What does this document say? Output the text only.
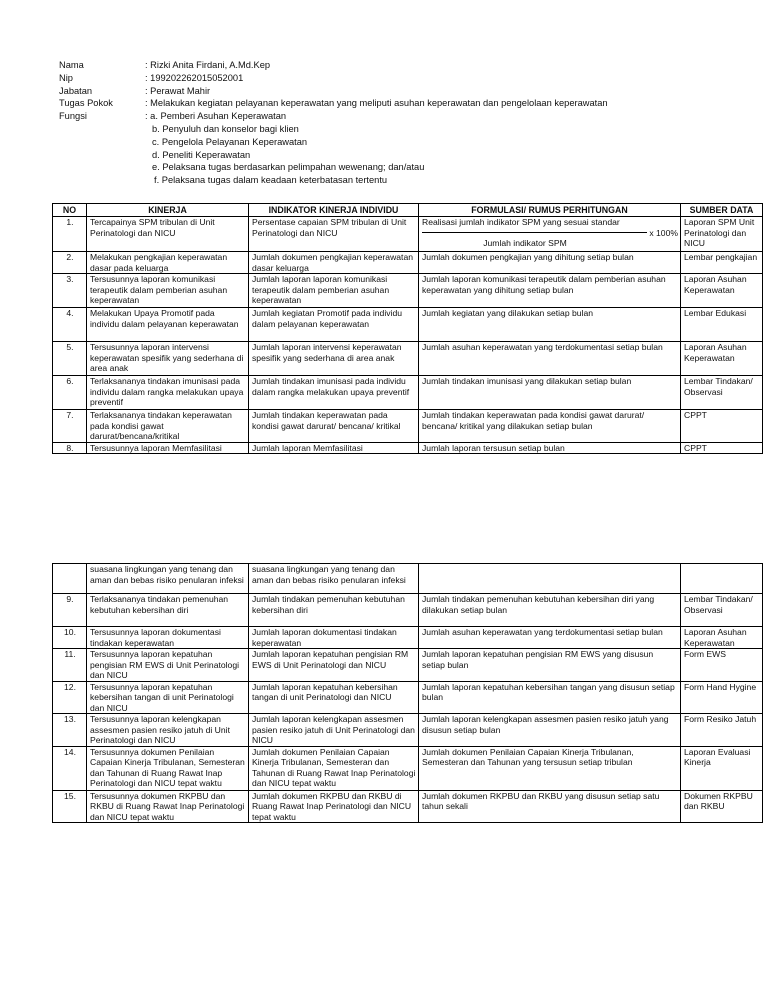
Nama	: Rizki Anita Firdani, A.Md.Kep
Nip	: 199202262015052001
Jabatan	: Perawat Mahir
Tugas Pokok	: Melakukan kegiatan pelayanan keperawatan yang meliputi asuhan keperawatan dan pengelolaan keperawatan
Fungsi	: a. Pemberi Asuhan Keperawatan
b. Penyuluh dan konselor bagi klien
c. Pengelola Pelayanan Keperawatan
d. Peneliti Keperawatan
e. Pelaksana tugas berdasarkan pelimpahan wewenang; dan/atau
f. Pelaksana tugas dalam keadaan keterbatasan tertentu
NO	KINERJA	INDIKATOR KINERJA INDIVIDU	FORMULASI/ RUMUS PERHITUNGAN	SUMBER DATA
1.	Tercapainya SPM tribulan di Unit Perinatologi dan NICU	Persentase capaian SPM tribulan di Unit Perinatologi dan NICU	Realisasi jumlah indikator SPM yang sesuai standar
x 100%
Jumlah indikator SPM	Laporan SPM Unit Perinatologi dan NICU
2.	Melakukan pengkajian keperawatan dasar pada keluarga	Jumlah dokumen pengkajian keperawatan dasar keluarga	Jumlah dokumen pengkajian yang dihitung setiap bulan	Lembar pengkajian
3.	Tersusunnya laporan komunikasi terapeutik dalam pemberian asuhan keperawatan	Jumlah laporan laporan komunikasi terapeutik dalam pemberian asuhan keperawatan	Jumlah laporan komunikasi terapeutik dalam pemberian asuhan keperawatan yang dihitung setiap bulan	Laporan Asuhan Keperawatan
4.	Melakukan Upaya Promotif pada individu dalam pelayanan keperawatan	Jumlah kegiatan Promotif pada individu dalam pelayanan keperawatan	Jumlah kegiatan yang dilakukan setiap bulan	Lembar Edukasi
5.	Tersusunnya laporan intervensi keperawatan spesifik yang sederhana di area anak	Jumlah laporan intervensi keperawatan spesifik yang sederhana di area anak	Jumlah asuhan keperawatan yang terdokumentasi setiap bulan	Laporan Asuhan Keperawatan
6.	Terlaksananya tindakan imunisasi pada individu dalam rangka melakukan upaya preventif	Jumlah tindakan imunisasi pada individu dalam rangka melakukan upaya preventif	Jumlah tindakan imunisasi yang dilakukan setiap bulan	Lembar Tindakan/ Observasi
7.	Terlaksananya tindakan keperawatan pada kondisi gawat darurat/bencana/kritikal	Jumlah tindakan keperawatan pada kondisi gawat darurat/ bencana/ kritikal	Jumlah tindakan keperawatan pada kondisi gawat darurat/ bencana/ kritikal yang dilakukan setiap bulan	CPPT
8.	Tersusunnya laporan Memfasilitasi	Jumlah laporan Memfasilitasi	Jumlah laporan tersusun setiap bulan	CPPT
	suasana lingkungan yang tenang dan aman dan bebas risiko penularan infeksi	suasana lingkungan yang tenang dan aman dan bebas risiko penularan infeksi		
9.	Terlaksananya tindakan pemenuhan kebutuhan kebersihan diri	Jumlah tindakan pemenuhan kebutuhan kebersihan diri	Jumlah tindakan pemenuhan kebutuhan kebersihan diri yang dilakukan setiap bulan	Lembar Tindakan/ Observasi
10.	Tersusunnya laporan dokumentasi tindakan keperawatan	Jumlah laporan dokumentasi tindakan keperawatan	Jumlah asuhan keperawatan yang terdokumentasi setiap bulan	Laporan Asuhan Keperawatan
11.	Tersusunnya laporan kepatuhan pengisian RM EWS di Unit Perinatologi dan NICU	Jumlah laporan kepatuhan pengisian RM EWS di Unit Perinatologi dan NICU	Jumlah laporan kepatuhan pengisian RM EWS yang disusun setiap bulan	Form EWS
12.	Tersusunnya laporan kepatuhan kebersihan tangan di unit Perinatologi dan NICU	Jumlah laporan kepatuhan kebersihan tangan di unit Perinatologi dan NICU	Jumlah laporan kepatuhan kebersihan tangan yang disusun setiap bulan	Form Hand Hygine
13.	Tersusunnya laporan kelengkapan assesmen pasien resiko jatuh di Unit Perinatologi dan NICU	Jumlah laporan kelengkapan assesmen pasien resiko jatuh di Unit Perinatologi dan NICU	Jumlah laporan kelengkapan assesmen pasien resiko jatuh yang disusun setiap bulan	Form Resiko Jatuh
14.	Tersusunnya dokumen Penilaian Capaian Kinerja Tribulanan, Semesteran dan Tahunan di Ruang Rawat Inap Perinatologi dan NICU tepat waktu	Jumlah dokumen Penilaian Capaian Kinerja Tribulanan, Semesteran dan Tahunan di Ruang Rawat Inap Perinatologi dan NICU tepat waktu	Jumlah dokumen Penilaian Capaian Kinerja Tribulanan, Semesteran dan Tahunan yang tersusun setiap tribulan	Laporan Evaluasi Kinerja
15.	Tersusunnya dokumen RKPBU dan RKBU di Ruang Rawat Inap Perinatologi dan NICU tepat waktu	Jumlah dokumen RKPBU dan RKBU di Ruang Rawat Inap Perinatologi dan NICU tepat waktu	Jumlah dokumen RKPBU dan RKBU yang disusun setiap satu tahun sekali	Dokumen RKPBU dan RKBU
